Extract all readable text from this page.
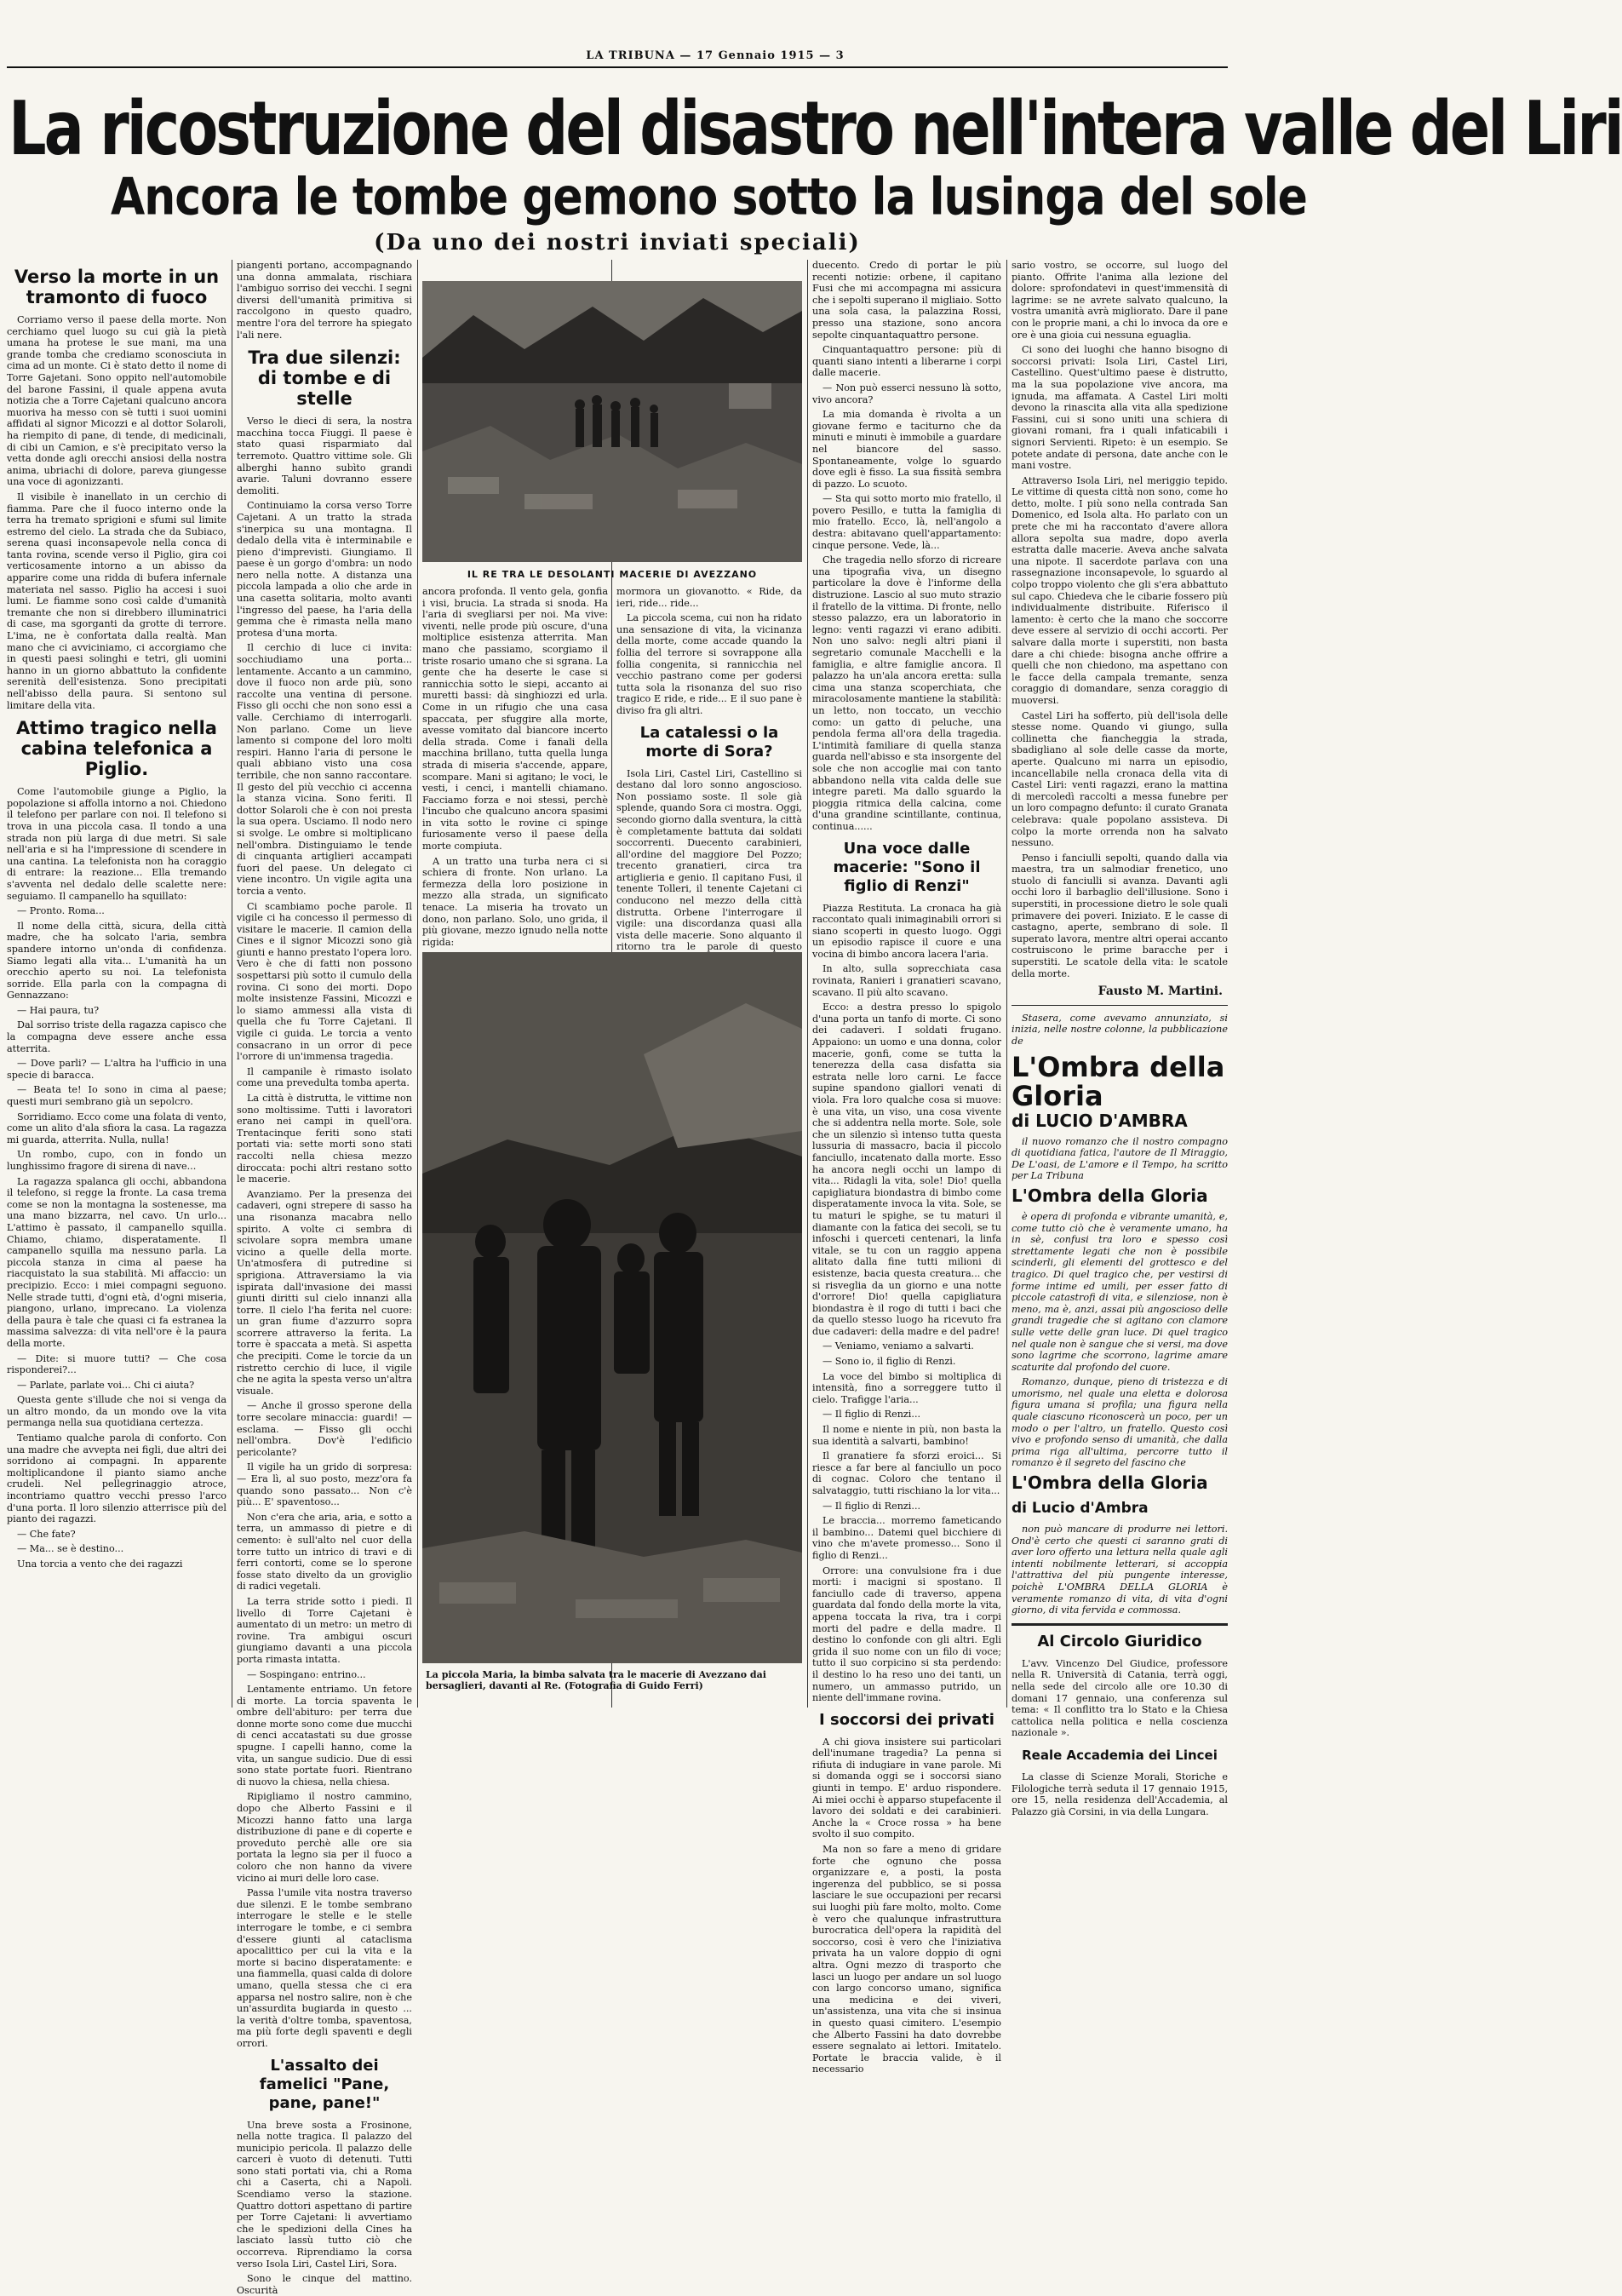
LA TRIBUNA — 17 Gennaio 1915 — 3
La ricostruzione del disastro nell'intera valle del Liri
Ancora le tombe gemono sotto la lusinga del sole
(Da uno dei nostri inviati speciali)
Verso la morte in un tramonto di fuoco

Corriamo verso il paese della morte. Non cerchiamo quel luogo su cui già la pietà umana ha protese le sue mani, ma una grande tomba che crediamo sconosciuta in cima ad un monte. Ci è stato detto il nome di Torre Gajetani. Sono oppito nell'automobile del barone Fassini, il quale appena avuta notizia che a Torre Cajetani qualcuno ancora muoriva ha messo con sè tutti i suoi uomini affidati al signor Micozzi e al dottor Solaroli, ha riempito di pane, di tende, di medicinali, di cibi un Camion, e s'è precipitato verso la vetta donde agli orecchi ansiosi della nostra anima, ubriachi di dolore, pareva giungesse una voce di agonizzanti.

Il visibile è inanellato in un cerchio di fiamma. Pare che il fuoco interno onde la terra ha tremato sprigioni e sfumi sul limite estremo del cielo. La strada che da Subiaco, serena quasi inconsapevole nella conca di tanta rovina, scende verso il Piglio, gira coi verticosamente intorno a un abisso da apparire come una ridda di bufera infernale materiata nel sasso. Piglio ha accesi i suoi lumi. Le fiamme sono così calde d'umanità tremante che non si direbbero illuminatrici di case, ma sgorganti da grotte di terrore. L'ima, ne è confortata dalla realtà. Man mano che ci avviciniamo, ci accorgiamo che in questi paesi solinghi e tetri, gli uomini hanno in un giorno abbattuto la confidente serenità dell'esistenza. Sono precipitati nell'abisso della paura. Si sentono sul limitare della vita.

Attimo tragico nella cabina telefonica a Piglio.

Come l'automobile giunge a Piglio, la popolazione si affolla intorno a noi. Chiedono il telefono per parlare con noi. Il telefono si trova in una piccola casa. Il tondo a una strada non più larga di due metri. Si sale nell'aria e si ha l'impressione di scendere in una cantina. La telefonista non ha coraggio di entrare: la reazione... Ella tremando s'avventa nel dedalo delle scalette nere: seguiamo. Il campanello ha squillato:

— Pronto. Roma...

Il nome della città, sicura, della città madre, che ha solcato l'aria, sembra spandere intorno un'onda di confidenza. Siamo legati alla vita... L'umanità ha un orecchio aperto su noi. La telefonista sorride. Ella parla con la compagna di Gennazzano:

— Hai paura, tu?

Dal sorriso triste della ragazza capisco che la compagna deve essere anche essa atterrita.

— Dove parli? — L'altra ha l'ufficio in una specie di baracca.

— Beata te! Io sono in cima al paese; questi muri sembrano già un sepolcro.

Sorridiamo. Ecco come una folata di vento, come un alito d'ala sfiora la casa. La ragazza mi guarda, atterrita. Nulla, nulla!

Un rombo, cupo, con in fondo un lunghissimo fragore di sirena di nave...

La ragazza spalanca gli occhi, abbandona il telefono, si regge la fronte. La casa trema come se non la montagna la sostenesse, ma una mano bizzarra, nel cavo. Un urlo... L'attimo è passato, il campanello squilla. Chiamo, chiamo, disperatamente. Il campanello squilla ma nessuno parla. La piccola stanza in cima al paese ha riacquistato la sua stabilità. Mi affaccio: un precipizio. Ecco: i miei compagni seguono. Nelle strade tutti, d'ogni età, d'ogni miseria, piangono, urlano, imprecano. La violenza della paura è tale che quasi ci fa estranea la massima salvezza: di vita nell'ore è la paura della morte.

— Dite: si muore tutti? — Che cosa risponderei?...

— Parlate, parlate voi... Chi ci aiuta?

Questa gente s'illude che noi si venga da un altro mondo, da un mondo ove la vita permanga nella sua quotidiana certezza.

Tentiamo qualche parola di conforto. Con una madre che avvepta nei figli, due altri dei sorridono ai compagni. In apparente moltiplicandone il pianto siamo anche crudeli. Nel pellegrinaggio atroce, incontriamo quattro vecchi presso l'arco d'una porta. Il loro silenzio atterrisce più del pianto dei ragazzi.

— Che fate?

— Ma... se è destino...

Una torcia a vento che dei ragazzi

piangenti portano, accompagnando una donna ammalata, rischiara l'ambiguo sorriso dei vecchi. I segni diversi dell'umanità primitiva si raccolgono in questo quadro, mentre l'ora del terrore ha spiegato l'ali nere.

Tra due silenzi: di tombe e di stelle

Verso le dieci di sera, la nostra macchina tocca Fiuggi. Il paese è stato quasi risparmiato dal terremoto. Quattro vittime sole. Gli alberghi hanno subìto grandi avarie. Taluni dovranno essere demoliti.

Continuiamo la corsa verso Torre Cajetani. A un tratto la strada s'inerpica su una montagna. Il dedalo della vita è interminabile e pieno d'imprevisti. Giungiamo. Il paese è un gorgo d'ombra: un nodo nero nella notte. A distanza una piccola lampada a olio che arde in una casetta solitaria, molto avanti l'ingresso del paese, ha l'aria della gemma che è rimasta nella mano protesa d'una morta.

Il cerchio di luce ci invita: socchiudiamo una porta... lentamente. Accanto a un cammino, dove il fuoco non arde più, sono raccolte una ventina di persone. Fisso gli occhi che non sono essi a valle. Cerchiamo di interrogarli. Non parlano. Come un lieve lamento si compone del loro molti respiri. Hanno l'aria di persone le quali abbiano visto una cosa terribile, che non sanno raccontare. Il gesto del più vecchio ci accenna la stanza vicina. Sono feriti. Il dottor Solaroli che è con noi presta la sua opera. Usciamo. Il nodo nero si svolge. Le ombre si moltiplicano nell'ombra. Distinguiamo le tende di cinquanta artiglieri accampati fuori del paese. Un delegato ci viene incontro. Un vigile agita una torcia a vento.

Ci scambiamo poche parole. Il vigile ci ha concesso il permesso di visitare le macerie. Il camion della Cines e il signor Micozzi sono già giunti e hanno prestato l'opera loro. Vero è che di fatti non possono sospettarsi più sotto il cumulo della rovina. Ci sono dei morti. Dopo molte insistenze Fassini, Micozzi e lo siamo ammessi alla vista di quella che fu Torre Cajetani. Il vigile ci guida. Le torcia a vento consacrano in un orror di pece l'orrore di un'immensa tragedia.

Il campanile è rimasto isolato come una prevedulta tomba aperta.

La città è distrutta, le vittime non sono moltissime. Tutti i lavoratori erano nei campi in quell'ora. Trentacinque feriti sono stati portati via: sette morti sono stati raccolti nella chiesa mezzo diroccata: pochi altri restano sotto le macerie.

Avanziamo. Per la presenza dei cadaveri, ogni strepere di sasso ha una risonanza macabra nello spirito. A volte ci sembra di scivolare sopra membra umane vicino a quelle della morte. Un'atmosfera di putredine si sprigiona. Attraversiamo la via ispirata dall'invasione dei massi giunti diritti sul cielo innanzi alla torre. Il cielo l'ha ferita nel cuore: un gran fiume d'azzurro sopra scorrere attraverso la ferita. La torre è spaccata a metà. Si aspetta che precipiti. Come le torcie da un ristretto cerchio di luce, il vigile che ne agita la spesta verso un'altra visuale.

— Anche il grosso sperone della torre secolare minaccia: guardi! — esclama. — Fisso gli occhi nell'ombra. Dov'è l'edificio pericolante?

Il vigile ha un grido di sorpresa: — Era lì, al suo posto, mezz'ora fa quando sono passato... Non c'è più... E' spaventoso...

Non c'era che aria, aria, e sotto a terra, un ammasso di pietre e di cemento: è sull'alto nel cuor della torre tutto un intrico di travi e di ferri contorti, come se lo sperone fosse stato divelto da un groviglio di radici vegetali.

La terra stride sotto i piedi. Il livello di Torre Cajetani è aumentato di un metro: un metro di rovine. Tra ambigui oscuri giungiamo davanti a una piccola porta rimasta intatta.

— Sospingano: entrino...

Lentamente entriamo. Un fetore di morte. La torcia spaventa le ombre dell'abituro: per terra due donne morte sono come due mucchi di cenci accatastati su due grosse spugne. I capelli hanno, come la vita, un sangue sudicio. Due di essi sono state portate fuori. Rientrano di nuovo la chiesa, nella chiesa.

Ripigliamo il nostro cammino, dopo che Alberto Fassini e il Micozzi hanno fatto una larga distribuzione di pane e di coperte e proveduto perchè alle ore sia portata la legno sia per il fuoco a coloro che non hanno da vivere vicino ai muri delle loro case.

Passa l'umile vita nostra traverso due silenzi. E le tombe sembrano interrogare le stelle e le stelle interrogare le tombe, e ci sembra d'essere giunti al cataclisma apocalittico per cui la vita e la morte si bacino disperatamente: e una fiammella, quasi calda di dolore umano, quella stessa che ci era apparsa nel nostro salire, non è che un'assurdita bugiarda in questo ... la verità d'oltre tomba, spaventosa, ma più forte degli spaventi e degli orrori.

L'assalto dei famelici "Pane, pane, pane!"

Una breve sosta a Frosinone, nella notte tragica. Il palazzo del municipio pericola. Il palazzo delle carceri è vuoto di detenuti. Tutti sono stati portati via, chi a Roma chi a Caserta, chi a Napoli. Scendiamo verso la stazione. Quattro dottori aspettano di partire per Torre Cajetani: li avvertiamo che le spedizioni della Cines ha lasciato lassù tutto ciò che occorreva. Riprendiamo la corsa verso Isola Liri, Castel Liri, Sora.

Sono le cinque del mattino. Oscurità

IL RE TRA LE DESOLANTI MACERIE DI AVEZZANO

ancora profonda. Il vento gela, gonfia i visi, brucia. La strada si snoda. Ha l'aria di svegliarsi per noi. Ma vive: viventi, nelle prode più oscure, d'una moltiplice esistenza atterrita. Man mano che passiamo, scorgiamo il triste rosario umano che si sgrana. La gente che ha deserte le case si rannicchia sotto le siepi, accanto ai muretti bassi: dà singhiozzi ed urla. Come in un rifugio che una casa spaccata, per sfuggire alla morte, avesse vomitato dal biancore incerto della strada. Come i fanali della macchina brillano, tutta quella lunga strada di miseria s'accende, appare, scompare. Mani si agitano; le voci, le vesti, i cenci, i mantelli chiamano. Facciamo forza e noi stessi, perchè l'incubo che qualcuno ancora spasimi in vita sotto le rovine ci spinge furiosamente verso il paese della morte compiuta.

A un tratto una turba nera ci si schiera di fronte. Non urlano. La fermezza della loro posizione in mezzo alla strada, un significato tenace. La miseria ha trovato un dono, non parlano. Solo, uno grida, il più giovane, mezzo ignudo nella notte rigida:

mormora un giovanotto. « Ride, da ieri, ride... ride...

La piccola scema, cui non ha ridato una sensazione di vita, la vicinanza della morte, come accade quando la follia del terrore si sovrappone alla follia congenita, si rannicchia nel vecchio pastrano come per godersi tutta sola la risonanza del suo riso tragico E ride, e ride... E il suo pane è diviso fra gli altri.

La catalessi o la morte di Sora?

Isola Liri, Castel Liri, Castellino si destano dal loro sonno angoscioso. Non possiamo soste. Il sole già splende, quando Sora ci mostra. Oggi, secondo giorno dalla sventura, la città è completamente battuta dai soldati soccorrenti. Duecento carabinieri, all'ordine del maggiore Del Pozzo; trecento granatieri, circa tra artiglieria e genio. Il capitano Fusi, il tenente Tolleri, il tenente Cajetani ci conducono nel mezzo della città distrutta. Orbene l'interrogare il vigile: una discordanza quasi alla vista delle macerie. Sono alquanto il ritorno tra le parole di questo

La piccola Maria, la bimba salvata tra le macerie di Avezzano dai bersaglieri, davanti al Re. (Fotografia di Guido Ferri)

duecento. Credo di portar le più recenti notizie: orbene, il capitano Fusi che mi accompagna mi assicura che i sepolti superano il migliaio. Sotto una sola casa, la palazzina Rossi, presso una stazione, sono ancora sepolte cinquantaquattro persone.

Cinquantaquattro persone: più di quanti siano intenti a liberarne i corpi dalle macerie.

— Non può esserci nessuno là sotto, vivo ancora?

La mia domanda è rivolta a un giovane fermo e taciturno che da minuti e minuti è immobile a guardare nel biancore del sasso. Spontaneamente, volge lo sguardo dove egli è fisso. La sua fissità sembra di pazzo. Lo scuoto.

— Sta qui sotto morto mio fratello, il povero Pesillo, e tutta la famiglia di mio fratello. Ecco, là, nell'angolo a destra: abitavano quell'appartamento: cinque persone. Vede, là...

Che tragedia nello sforzo di ricreare una tipografia viva, un disegno particolare la dove è l'informe della distruzione. Lascio al suo muto strazio il fratello de la vittima. Di fronte, nello stesso palazzo, era un laboratorio in legno: venti ragazzi vi erano adibiti. Non uno salvo: negli altri piani il segretario comunale Macchelli e la famiglia, e altre famiglie ancora. Il palazzo ha un'ala ancora eretta: sulla cima una stanza scoperchiata, che miracolosamente mantiene la stabilità: un letto, non toccato, un vecchio como: un gatto di peluche, una pendola ferma all'ora della tragedia. L'intimità familiare di quella stanza guarda nell'abisso e sta insorgente del sole che non accoglie mai con tanto abbandono nella vita calda delle sue integre pareti. Ma dallo sguardo la pioggia ritmica della calcina, come d'una grandine scintillante, continua, continua......

Una voce dalle macerie: "Sono il figlio di Renzi"

Piazza Restituta. La cronaca ha già raccontato quali inimaginabili orrori si siano scoperti in questo luogo. Oggi un episodio rapisce il cuore e una vocina di bimbo ancora lacera l'aria.

In alto, sulla soprecchiata casa rovinata, Ranieri i granatieri scavano, scavano. Il più alto scavano.

Ecco: a destra presso lo spigolo d'una porta un tanfo di morte. Ci sono dei cadaveri. I soldati frugano. Appaiono: un uomo e una donna, color macerie, gonfi, come se tutta la tenerezza della casa disfatta sia estrata nelle loro carni. Le facce supine spandono giallori venati di viola. Fra loro qualche cosa si muove: è una vita, un viso, una cosa vivente che si addentra nella morte. Sole, sole che un silenzio sì intenso tutta questa lussuria di massacro, bacia il piccolo fanciullo, incatenato dalla morte. Esso ha ancora negli occhi un lampo di vita... Ridagli la vita, sole! Dio! quella capigliatura biondastra di bimbo come disperatamente invoca la vita. Sole, se tu maturi le spighe, se tu maturi il diamante con la fatica dei secoli, se tu infoschi i querceti centenari, la linfa vitale, se tu con un raggio appena alitato dalla fine tutti milioni di esistenze, bacia questa creatura... che si risveglia da un giorno e una notte d'orrore! Dio! quella capigliatura biondastra è il rogo di tutti i baci che da quello stesso luogo ha ricevuto fra due cadaveri: della madre e del padre!

— Veniamo, veniamo a salvarti.

— Sono io, il figlio di Renzi.

La voce del bimbo si moltiplica di intensità, fino a sorreggere tutto il cielo. Trafigge l'aria...

— Il figlio di Renzi...

Il nome e niente in più, non basta la sua identità a salvarti, bambino!

Il granatiere fa sforzi eroici... Si riesce a far bere al fanciullo un poco di cognac. Coloro che tentano il salvataggio, tutti rischiano la lor vita...

— Il figlio di Renzi...

Le braccia... morremo fameticando il bambino... Datemi quel bicchiere di vino che m'avete promesso... Sono il figlio di Renzi...

Orrore: una convulsione fra i due morti: i macigni si spostano. Il fanciullo cade di traverso, appena guardata dal fondo della morte la vita, appena toccata la riva, tra i corpi morti del padre e della madre. Il destino lo confonde con gli altri. Egli grida il suo nome con un filo di voce; tutto il suo corpicino si sta perdendo: il destino lo ha reso uno dei tanti, un numero, un ammasso putrido, un niente dell'immane rovina.

I soccorsi dei privati

A chi giova insistere sui particolari dell'inumane tragedia? La penna si rifiuta di indugiare in vane parole. Mi si domanda oggi se i soccorsi siano giunti in tempo. E' arduo rispondere. Ai miei occhi è apparso stupefacente il lavoro dei soldati e dei carabinieri. Anche la « Croce rossa » ha bene svolto il suo compito.

Ma non so fare a meno di gridare forte che ognuno che possa organizzare e, a posti, la posta ingerenza del pubblico, se si possa lasciare le sue occupazioni per recarsi sui luoghi più fare molto, molto. Come è vero che qualunque infrastruttura burocratica dell'opera la rapidità del soccorso, così è vero che l'iniziativa privata ha un valore doppio di ogni altra. Ogni mezzo di trasporto che lasci un luogo per andare un sol luogo con largo concorso umano, significa una medicina e dei viveri, un'assistenza, una vita che si insinua in questo quasi cimitero. L'esempio che Alberto Fassini ha dato dovrebbe essere segnalato ai lettori. Imitatelo. Portate le braccia valide, è il necessario

sario vostro, se occorre, sul luogo del pianto. Offrite l'anima alla lezione del dolore: sprofondatevi in quest'immensità di lagrime: se ne avrete salvato qualcuno, la vostra umanità avrà migliorato. Dare il pane con le proprie mani, a chi lo invoca da ore e ore è una gioia cui nessuna eguaglia.

Ci sono dei luoghi che hanno bisogno di soccorsi privati: Isola Liri, Castel Liri, Castellino. Quest'ultimo paese è distrutto, ma la sua popolazione vive ancora, ma ignuda, ma affamata. A Castel Liri molti devono la rinascita alla vita alla spedizione Fassini, cui si sono uniti una schiera di giovani romani, fra i quali infaticabili i signori Servienti. Ripeto: è un esempio. Se potete andate di persona, date anche con le mani vostre.

Attraverso Isola Liri, nel meriggio tepido. Le vittime di questa città non sono, come ho detto, molte. I più sono nella contrada San Domenico, ed Isola alta. Ho parlato con un prete che mi ha raccontato d'avere allora allora sepolta sua madre, dopo averla estratta dalle macerie. Aveva anche salvata una nipote. Il sacerdote parlava con una rassegnazione inconsapevole, lo sguardo al colpo troppo violento che gli s'era abbattuto sul capo. Chiedeva che le cibarie fossero più individualmente distribuite. Riferisco il lamento: è certo che la mano che soccorre deve essere al servizio di occhi accorti. Per salvare dalla morte i superstiti, non basta dare a chi chiede: bisogna anche offrire a quelli che non chiedono, ma aspettano con le facce della campala tremante, senza coraggio di domandare, senza coraggio di muoversi.

Castel Liri ha sofferto, più dell'isola delle stesse nome. Quando vi giungo, sulla collinetta che fiancheggia la strada, sbadigliano al sole delle casse da morte, aperte. Qualcuno mi narra un episodio, incancellabile nella cronaca della vita di Castel Liri: venti ragazzi, erano la mattina di mercoledì raccolti a messa funebre per un loro compagno defunto: il curato Granata celebrava: quale popolano assisteva. Di colpo la morte orrenda non ha salvato nessuno.

Penso i fanciulli sepolti, quando dalla via maestra, tra un salmodiar frenetico, uno stuolo di fanciulli si avanza. Davanti agli occhi loro il barbaglio dell'illusione. Sono i superstiti, in processione dietro le sole quali primavere dei poveri. Iniziato. E le casse di castagno, aperte, sembrano di sole. Il superato lavora, mentre altri operai accanto costruiscono le prime baracche per i superstiti. Le scatole della vita: le scatole della morte.

Fausto M. Martini.

Stasera, come avevamo annunziato, si inizia, nelle nostre colonne, la pubblicazione de

L'Ombra della Gloria
di LUCIO D'AMBRA

il nuovo romanzo che il nostro compagno di quotidiana fatica, l'autore de Il Miraggio, De L'oasi, de L'amore e il Tempo, ha scritto per La Tribuna

L'Ombra della Gloria

è opera di profonda e vibrante umanità, e, come tutto ciò che è veramente umano, ha in sè, confusi tra loro e spesso così strettamente legati che non è possibile scinderli, gli elementi del grottesco e del tragico. Di quel tragico che, per vestirsi di forme intime ed umili, per esser fatto di piccole catastrofi di vita, e silenziose, non è meno, ma è, anzi, assai più angoscioso delle grandi tragedie che si agitano con clamore sulle vette delle gran luce. Di quel tragico nel quale non è sangue che si versi, ma dove sono lagrime che scorrono, lagrime amare scaturite dal profondo del cuore.

Romanzo, dunque, pieno di tristezza e di umorismo, nel quale una eletta e dolorosa figura umana si profila; una figura nella quale ciascuno riconoscerà un poco, per un modo o per l'altro, un fratello. Questo così vivo e profondo senso di umanità, che dalla prima riga all'ultima, percorre tutto il romanzo è il segreto del fascino che

L'Ombra della Gloria
di Lucio d'Ambra

non può mancare di produrre nei lettori. Ond'è certo che questi ci saranno grati di aver loro offerto una lettura nella quale agli intenti nobilmente letterari, si accoppia l'attrattiva del più pungente interesse, poichè L'OMBRA DELLA GLORIA è veramente romanzo di vita, di vita d'ogni giorno, di vita fervida e commossa.

Al Circolo Giuridico

L'avv. Vincenzo Del Giudice, professore nella R. Università di Catania, terrà oggi, nella sede del circolo alle ore 10.30 di domani 17 gennaio, una conferenza sul tema: « Il conflitto tra lo Stato e la Chiesa cattolica nella politica e nella coscienza nazionale ».

Reale Accademia dei Lincei

La classe di Scienze Morali, Storiche e Filologiche terrà seduta il 17 gennaio 1915, ore 15, nella residenza dell'Accademia, al Palazzo già Corsini, in via della Lungara.
